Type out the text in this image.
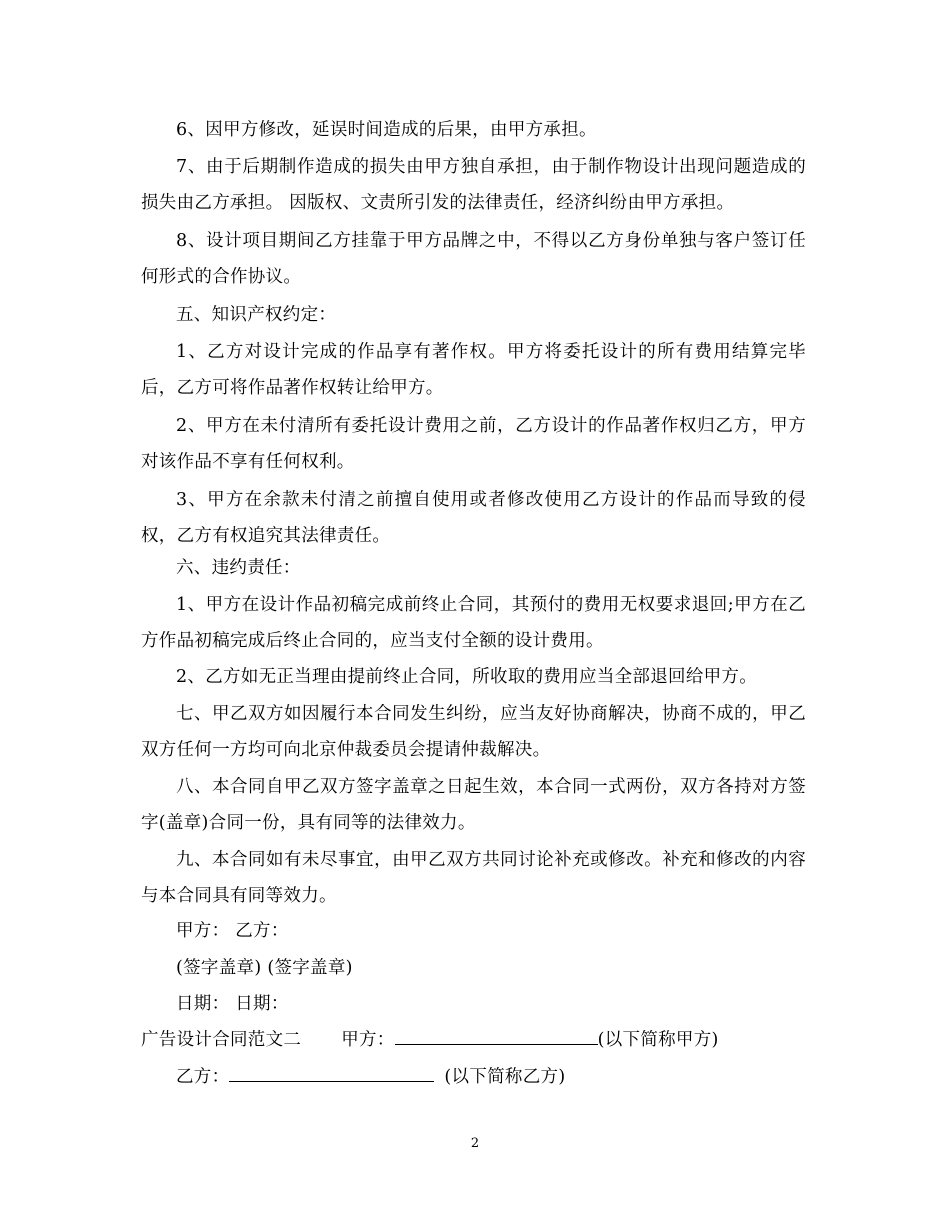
6、因甲方修改，延误时间造成的后果，由甲方承担。

7、由于后期制作造成的损失由甲方独自承担，由于制作物设计出现问题造成的损失由乙方承担。 因版权、文责所引发的法律责任，经济纠纷由甲方承担。

8、设计项目期间乙方挂靠于甲方品牌之中，不得以乙方身份单独与客户签订任何形式的合作协议。

五、知识产权约定：

1、乙方对设计完成的作品享有著作权。甲方将委托设计的所有费用结算完毕后，乙方可将作品著作权转让给甲方。

2、甲方在未付清所有委托设计费用之前，乙方设计的作品著作权归乙方，甲方对该作品不享有任何权利。

3、甲方在余款未付清之前擅自使用或者修改使用乙方设计的作品而导致的侵权，乙方有权追究其法律责任。

六、违约责任：

1、甲方在设计作品初稿完成前终止合同，其预付的费用无权要求退回;甲方在乙方作品初稿完成后终止合同的，应当支付全额的设计费用。

2、乙方如无正当理由提前终止合同，所收取的费用应当全部退回给甲方。

七、甲乙双方如因履行本合同发生纠纷，应当友好协商解决，协商不成的，甲乙双方任何一方均可向北京仲裁委员会提请仲裁解决。

八、本合同自甲乙双方签字盖章之日起生效，本合同一式两份，双方各持对方签字(盖章)合同一份，具有同等的法律效力。

九、本合同如有未尽事宜，由甲乙双方共同讨论补充或修改。补充和修改的内容与本合同具有同等效力。

甲方： 乙方：

(签字盖章) (签字盖章)

日期： 日期：

广告设计合同范文二 甲方：	(以下简称甲方)

乙方：	(以下简称乙方)

2
